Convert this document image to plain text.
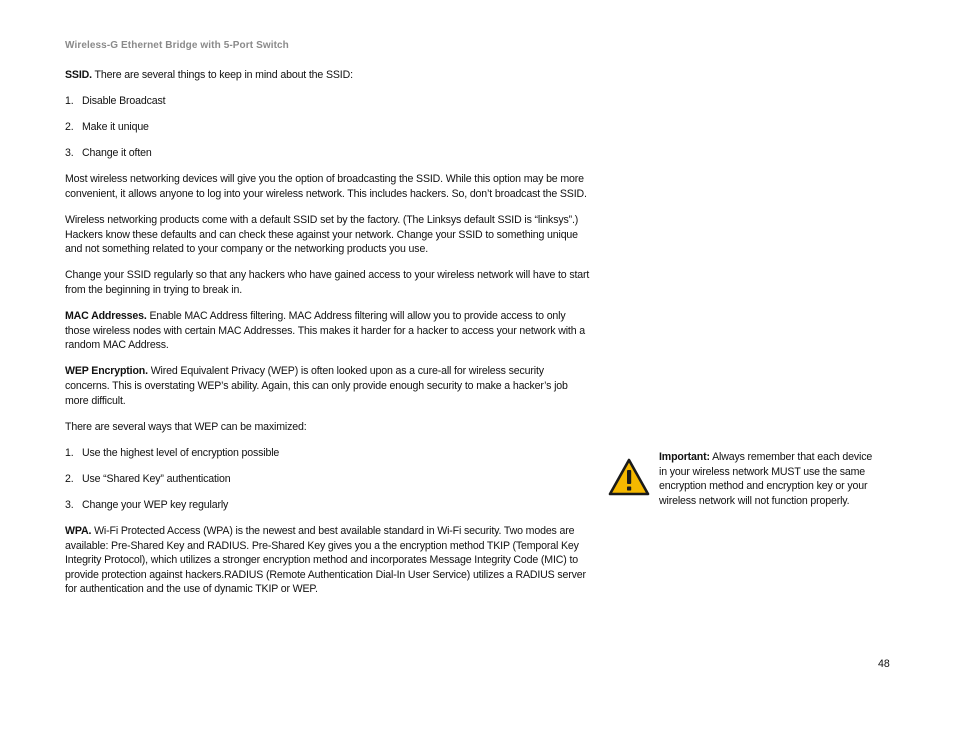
Wireless-G Ethernet Bridge with 5-Port Switch

SSID. There are several things to keep in mind about the SSID:

1. Disable Broadcast
2. Make it unique
3. Change it often

Most wireless networking devices will give you the option of broadcasting the SSID. While this option may be more convenient, it allows anyone to log into your wireless network. This includes hackers. So, don’t broadcast the SSID.

Wireless networking products come with a default SSID set by the factory. (The Linksys default SSID is “linksys”.) Hackers know these defaults and can check these against your network. Change your SSID to something unique and not something related to your company or the networking products you use.

Change your SSID regularly so that any hackers who have gained access to your wireless network will have to start from the beginning in trying to break in.

MAC Addresses. Enable MAC Address filtering. MAC Address filtering will allow you to provide access to only those wireless nodes with certain MAC Addresses. This makes it harder for a hacker to access your network with a random MAC Address.

WEP Encryption. Wired Equivalent Privacy (WEP) is often looked upon as a cure-all for wireless security concerns. This is overstating WEP’s ability. Again, this can only provide enough security to make a hacker’s job more difficult.

There are several ways that WEP can be maximized:

1. Use the highest level of encryption possible
2. Use “Shared Key” authentication
3. Change your WEP key regularly

WPA. Wi-Fi Protected Access (WPA) is the newest and best available standard in Wi-Fi security. Two modes are available: Pre-Shared Key and RADIUS. Pre-Shared Key gives you a the encryption method TKIP (Temporal Key Integrity Protocol), which utilizes a stronger encryption method and incorporates Message Integrity Code (MIC) to provide protection against hackers.RADIUS (Remote Authentication Dial-In User Service) utilizes a RADIUS server for authentication and the use of dynamic TKIP or WEP.

Important: Always remember that each device in your wireless network MUST use the same encryption method and encryption key or your wireless network will not function properly.
48
